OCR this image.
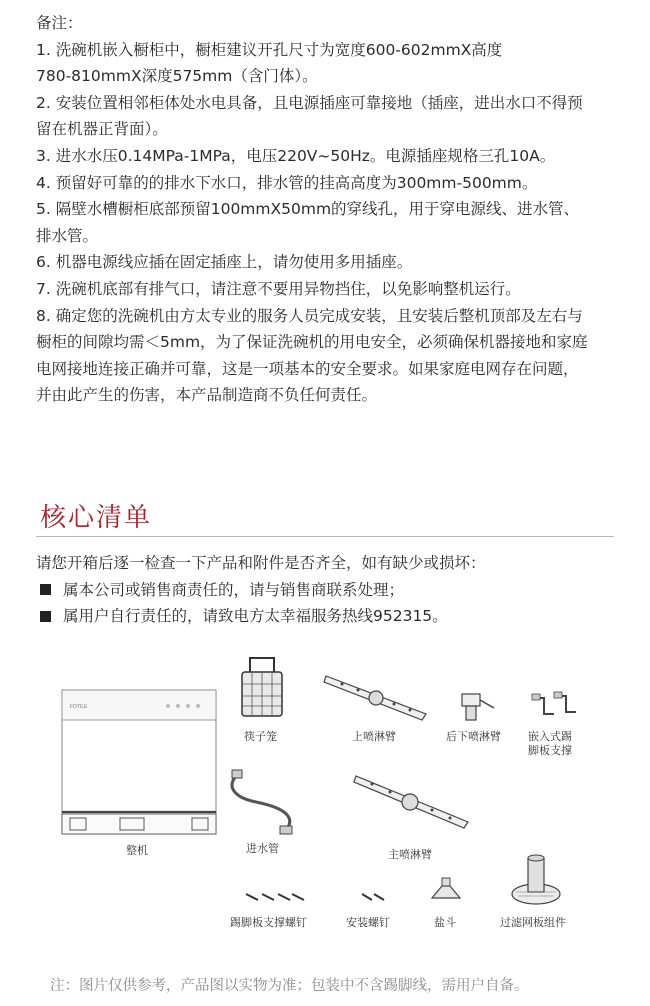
备注：

1. 洗碗机嵌入橱柜中，橱柜建议开孔尺寸为宽度600-602mmX高度

780-810mmX深度575mm（含门体）。

2. 安装位置相邻柜体处水电具备，且电源插座可靠接地（插座，进出水口不得预

留在机器正背面）。

3. 进水水压0.14MPa-1MPa，电压220V~50Hz。电源插座规格三孔10A。

4. 预留好可靠的的排水下水口，排水管的挂高高度为300mm-500mm。

5. 隔壁水槽橱柜底部预留100mmX50mm的穿线孔，用于穿电源线、进水管、

排水管。

6. 机器电源线应插在固定插座上，请勿使用多用插座。

7. 洗碗机底部有排气口，请注意不要用异物挡住，以免影响整机运行。

8. 确定您的洗碗机由方太专业的服务人员完成安装，且安装后整机顶部及左右与

橱柜的间隙均需＜5mm，为了保证洗碗机的用电安全，必须确保机器接地和家庭

电网接地连接正确并可靠，这是一项基本的安全要求。如果家庭电网存在问题，

并由此产生的伤害，本产品制造商不负任何责任。

核心清单
请您开箱后逐一检查一下产品和附件是否齐全，如有缺少或损坏：
属本公司或销售商责任的，请与销售商联系处理；
属用户自行责任的，请致电方太幸福服务热线952315。
FOTILE
整机
筷子笼	上喷淋臂	后下喷淋臂 嵌入式踢
脚板支撑
进水管	主喷淋臂
踢脚板支撑螺钉	安装螺钉	盐斗	过滤网板组件
注：图片仅供参考，产品图以实物为准；包装中不含踢脚线，需用户自备。
